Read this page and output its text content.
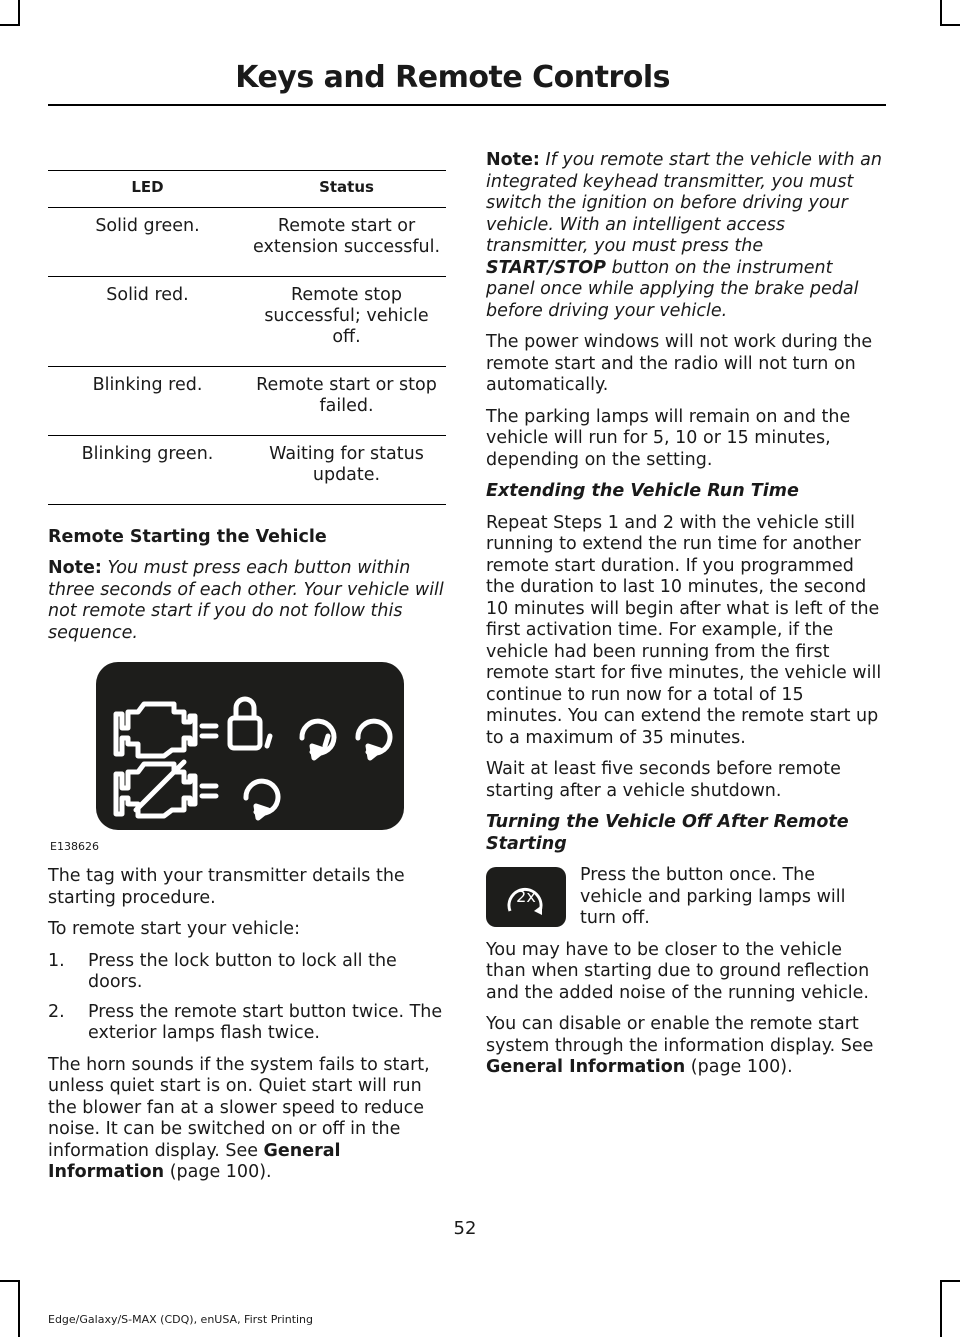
Keys and Remote Controls
LED	Status
Solid green.	Remote start or extension successful.
Solid red.	Remote stop successful; vehicle off.
Blinking red.	Remote start or stop failed.
Blinking green.	Waiting for status update.
Remote Starting the Vehicle

Note: You must press each button within three seconds of each other. Your vehicle will not remote start if you do not follow this sequence.

E138626

The tag with your transmitter details the starting procedure.

To remote start your vehicle:

1. Press the lock button to lock all the doors.
2. Press the remote start button twice. The exterior lamps flash twice.

The horn sounds if the system fails to start, unless quiet start is on. Quiet start will run the blower fan at a slower speed to reduce noise. It can be switched on or off in the information display. See General Information (page 100).

Note: If you remote start the vehicle with an integrated keyhead transmitter, you must switch the ignition on before driving your vehicle. With an intelligent access transmitter, you must press the START/STOP button on the instrument panel once while applying the brake pedal before driving your vehicle.

The power windows will not work during the remote start and the radio will not turn on automatically.

The parking lamps will remain on and the vehicle will run for 5, 10 or 15 minutes, depending on the setting.

Extending the Vehicle Run Time

Repeat Steps 1 and 2 with the vehicle still running to extend the run time for another remote start duration. If you programmed the duration to last 10 minutes, the second 10 minutes will begin after what is left of the first activation time. For example, if the vehicle had been running from the first remote start for five minutes, the vehicle will continue to run now for a total of 15 minutes. You can extend the remote start up to a maximum of 35 minutes.

Wait at least five seconds before remote starting after a vehicle shutdown.

Turning the Vehicle Off After Remote Starting
2x
Press the button once. The vehicle and parking lamps will turn off.

You may have to be closer to the vehicle than when starting due to ground reflection and the added noise of the running vehicle.

You can disable or enable the remote start system through the information display. See General Information (page 100).

52
Edge/Galaxy/S-MAX (CDQ), enUSA, First Printing
